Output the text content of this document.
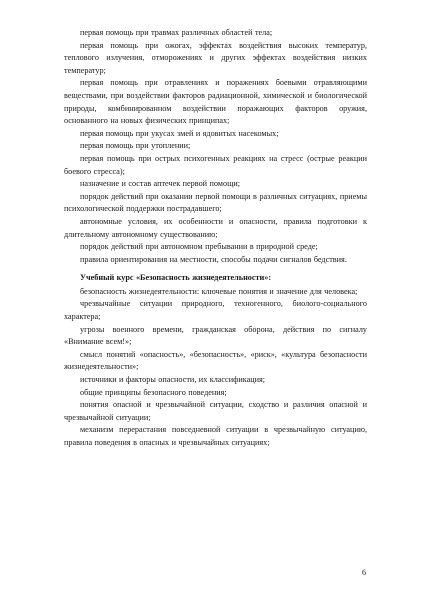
первая помощь при травмах различных областей тела;

первая помощь при ожогах, эффектах воздействия высоких температур, теплового излучения, отморожениях и других эффектах воздействия низких температур;

первая помощь при отравлениях и поражениях боевыми отравляющими веществами, при воздействии факторов радиационной, химической и биологической природы, комбинированном воздействии поражающих факторов оружия, основанного на новых физических принципах;

первая помощь при укусах змей и ядовитых насекомых;

первая помощь при утоплении;

первая помощь при острых психогенных реакциях на стресс (острые реакции боевого стресса);

назначение и состав аптечек первой помощи;

порядок действий при оказании первой помощи в различных ситуациях, приемы психологической поддержки пострадавшего;

автономные условия, их особенности и опасности, правила подготовки к длительному автономному существованию;

порядок действий при автономном пребывании в природной среде;

правила ориентирования на местности, способы подачи сигналов бедствия.

Учебный курс «Безопасность жизнедеятельности»:

безопасность жизнедеятельности: ключевые понятия и значение для человека;

чрезвычайные ситуации природного, техногенного, биолого-социального характера;

угрозы военного времени, гражданская оборона, действия по сигналу «Внимание всем!»;

смысл понятий «опасность», «безопасность», «риск», «культура безопасности жизнедеятельности»;

источники и факторы опасности, их классификация;

общие принципы безопасного поведения;

понятия опасной и чрезвычайной ситуации, сходство и различия опасной и чрезвычайной ситуации;

механизм перерастания повседневной ситуации в чрезвычайную ситуацию, правила поведения в опасных и чрезвычайных ситуациях;

6
